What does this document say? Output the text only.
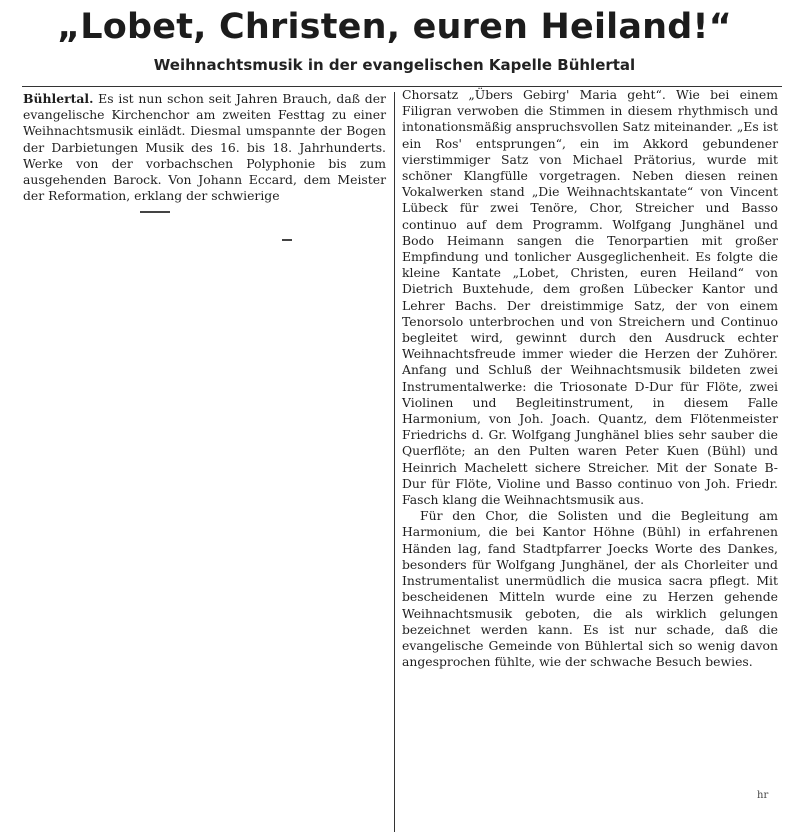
„Lobet, Christen, euren Heiland!“
Weihnachtsmusik in der evangelischen Kapelle Bühlertal

Bühlertal. Es ist nun schon seit Jahren Brauch, daß der evangelische Kirchenchor am zweiten Festtag zu einer Weihnachtsmusik einlädt. Diesmal umspannte der Bogen der Darbietungen Musik des 16. bis 18. Jahrhunderts. Werke von der vorbachschen Polyphonie bis zum ausgehenden Barock. Von Johann Eccard, dem Meister der Reformation, erklang der schwierige

Chorsatz „Übers Gebirg' Maria geht“. Wie bei einem Filigran verwoben die Stimmen in diesem rhythmisch und intonationsmäßig anspruchsvollen Satz miteinander. „Es ist ein Ros' entsprungen“, ein im Akkord gebundener vierstimmiger Satz von Michael Prätorius, wurde mit schöner Klangfülle vorgetragen. Neben diesen reinen Vokalwerken stand „Die Weihnachtskantate“ von Vincent Lübeck für zwei Tenöre, Chor, Streicher und Basso continuo auf dem Programm. Wolfgang Junghänel und Bodo Heimann sangen die Tenorpartien mit großer Empfindung und tonlicher Ausgeglichenheit. Es folgte die kleine Kantate „Lobet, Christen, euren Heiland“ von Dietrich Buxtehude, dem großen Lübecker Kantor und Lehrer Bachs. Der dreistimmige Satz, der von einem Tenorsolo unterbrochen und von Streichern und Continuo begleitet wird, gewinnt durch den Ausdruck echter Weihnachtsfreude immer wieder die Herzen der Zuhörer. Anfang und Schluß der Weihnachtsmusik bildeten zwei Instrumentalwerke: die Triosonate D-Dur für Flöte, zwei Violinen und Begleitinstrument, in diesem Falle Harmonium, von Joh. Joach. Quantz, dem Flötenmeister Friedrichs d. Gr. Wolfgang Junghänel blies sehr sauber die Querflöte; an den Pulten waren Peter Kuen (Bühl) und Heinrich Machelett sichere Streicher. Mit der Sonate B-Dur für Flöte, Violine und Basso continuo von Joh. Friedr. Fasch klang die Weihnachtsmusik aus.

Für den Chor, die Solisten und die Begleitung am Harmonium, die bei Kantor Höhne (Bühl) in erfahrenen Händen lag, fand Stadtpfarrer Joecks Worte des Dankes, besonders für Wolfgang Junghänel, der als Chorleiter und Instrumentalist unermüdlich die musica sacra pflegt. Mit bescheidenen Mitteln wurde eine zu Herzen gehende Weihnachtsmusik geboten, die als wirklich gelungen bezeichnet werden kann. Es ist nur schade, daß die evangelische Gemeinde von Bühlertal sich so wenig davon angesprochen fühlte, wie der schwache Besuch bewies.

hr
